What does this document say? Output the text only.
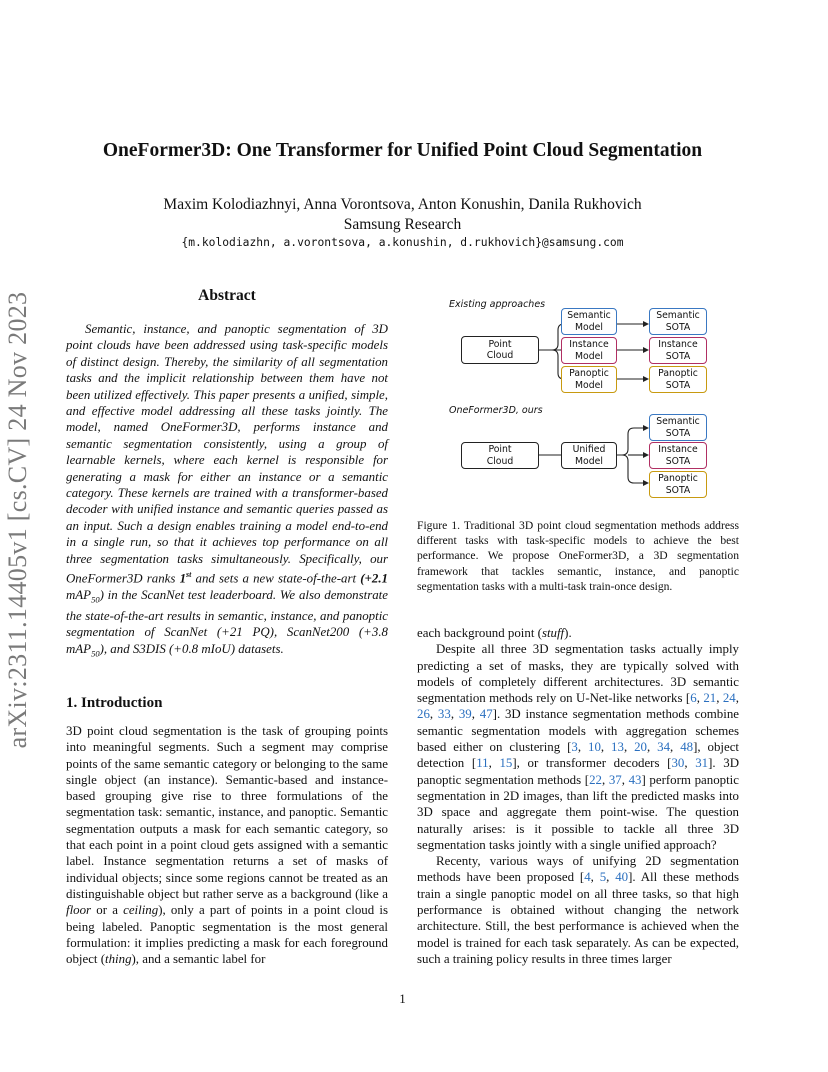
arXiv:2311.14405v1 [cs.CV] 24 Nov 2023
OneFormer3D: One Transformer for Unified Point Cloud Segmentation
Maxim Kolodiazhnyi, Anna Vorontsova, Anton Konushin, Danila Rukhovich
Samsung Research
{m.kolodiazhn, a.vorontsova, a.konushin, d.rukhovich}@samsung.com
Abstract
Semantic, instance, and panoptic segmentation of 3D point clouds have been addressed using task-specific models of distinct design. Thereby, the similarity of all segmentation tasks and the implicit relationship between them have not been utilized effectively. This paper presents a unified, simple, and effective model addressing all these tasks jointly. The model, named OneFormer3D, performs instance and semantic segmentation consistently, using a group of learnable kernels, where each kernel is responsible for generating a mask for either an instance or a semantic category. These kernels are trained with a transformer-based decoder with unified instance and semantic queries passed as an input. Such a design enables training a model end-to-end in a single run, so that it achieves top performance on all three segmentation tasks simultaneously. Specifically, our OneFormer3D ranks 1st and sets a new state-of-the-art (+2.1 mAP$_{50}$) in the ScanNet test leaderboard. We also demonstrate the state-of-the-art results in semantic, instance, and panoptic segmentation of ScanNet (+21 PQ), ScanNet200 (+3.8 mAP$_{50}$), and S3DIS (+0.8 mIoU) datasets.
1. Introduction
3D point cloud segmentation is the task of grouping points into meaningful segments. Such a segment may comprise points of the same semantic category or belonging to the same single object (an instance). Semantic-based and instance-based grouping give rise to three formulations of the segmentation task: semantic, instance, and panoptic. Semantic segmentation outputs a mask for each semantic category, so that each point in a point cloud gets assigned with a semantic label. Instance segmentation returns a set of masks of individual objects; since some regions cannot be treated as an distinguishable object but rather serve as a background (like a floor or a ceiling), only a part of points in a point cloud is being labeled. Panoptic segmentation is the most general formulation: it implies predicting a mask for each foreground object (thing), and a semantic label for
Existing approaches
OneFormer3D, ours
Point
Cloud
Semantic
Model
Instance
Model
Panoptic
Model
Semantic
SOTA
Instance
SOTA
Panoptic
SOTA
Point
Cloud
Unified
Model
Semantic
SOTA
Instance
SOTA
Panoptic
SOTA
Figure 1. Traditional 3D point cloud segmentation methods address different tasks with task-specific models to achieve the best performance. We propose OneFormer3D, a 3D segmentation framework that tackles semantic, instance, and panoptic segmentation tasks with a multi-task train-once design.

each background point (stuff).

Despite all three 3D segmentation tasks actually imply predicting a set of masks, they are typically solved with models of completely different architectures. 3D semantic segmentation methods rely on U-Net-like networks [6, 21, 24, 26, 33, 39, 47]. 3D instance segmentation methods combine semantic segmentation models with aggregation schemes based either on clustering [3, 10, 13, 20, 34, 48], object detection [11, 15], or transformer decoders [30, 31]. 3D panoptic segmentation methods [22, 37, 43] perform panoptic segmentation in 2D images, than lift the predicted masks into 3D space and aggregate them point-wise. The question naturally arises: is it possible to tackle all three 3D segmentation tasks jointly with a single unified approach?

Recenty, various ways of unifying 2D segmentation methods have been proposed [4, 5, 40]. All these methods train a single panoptic model on all three tasks, so that high performance is obtained without changing the network architecture. Still, the best performance is achieved when the model is trained for each task separately. As can be expected, such a training policy results in three times larger

1
